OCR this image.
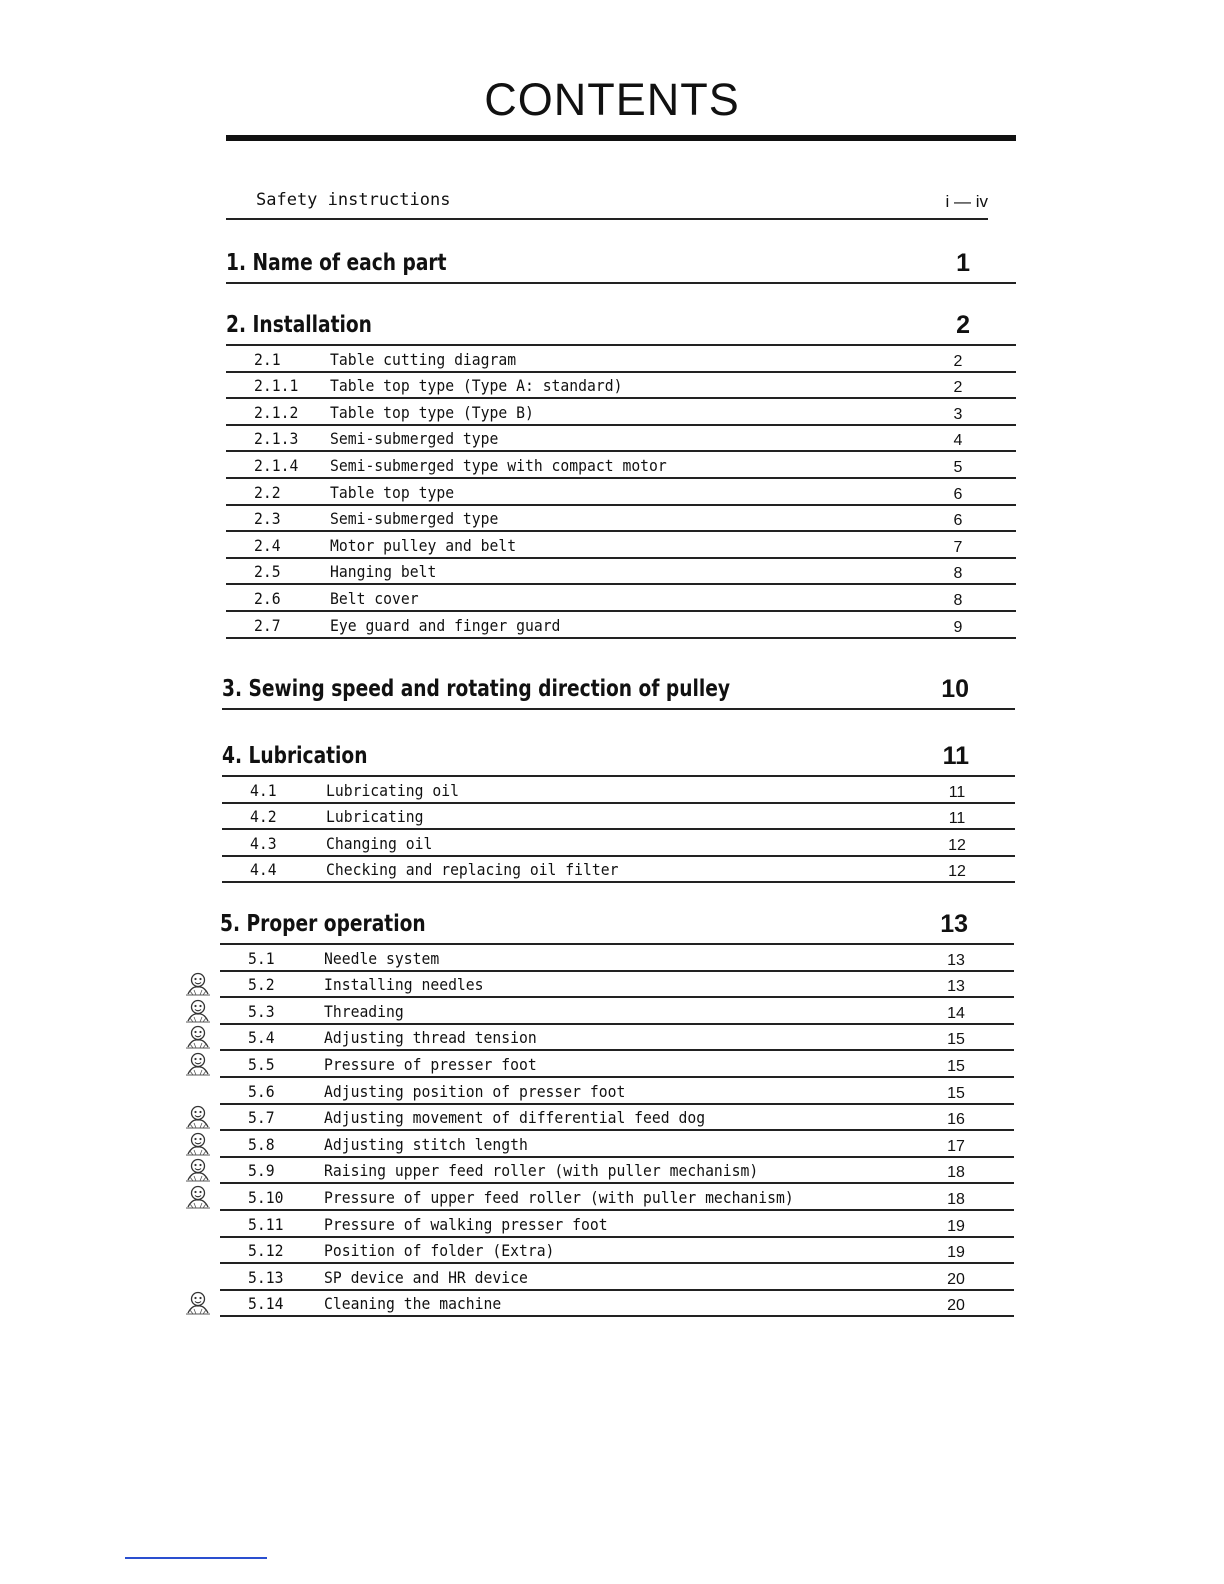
CONTENTS
Safety instructions	i — iv
1. Name of each part	1
2. Installation	2
2.1	Table cutting diagram	2
2.1.1 Table top type (Type A: standard)	2
2.1.2 Table top type (Type B)	3
2.1.3 Semi-submerged type	4
2.1.4 Semi-submerged type with compact motor	5
2.2	Table top type	6
2.3	Semi-submerged type	6
2.4	Motor pulley and belt	7
2.5	Hanging belt	8
2.6	Belt cover	8
2.7	Eye guard and finger guard	9
3. Sewing speed and rotating direction of pulley	10
4. Lubrication	11
4.1	Lubricating oil	11
4.2	Lubricating	11
4.3	Changing oil	12
4.4	Checking and replacing oil filter	12
5. Proper operation	13
5.1	Needle system	13
5.2	Installing needles	13
5.3	Threading	14
5.4	Adjusting thread tension	15
5.5	Pressure of presser foot	15
5.6	Adjusting position of presser foot	15
5.7	Adjusting movement of differential feed dog	16
5.8	Adjusting stitch length	17
5.9	Raising upper feed roller (with puller mechanism)	18
5.10	Pressure of upper feed roller (with puller mechanism)	18
5.11	Pressure of walking presser foot	19
5.12	Position of folder (Extra)	19
5.13	SP device and HR device	20
5.14	Cleaning the machine	20
